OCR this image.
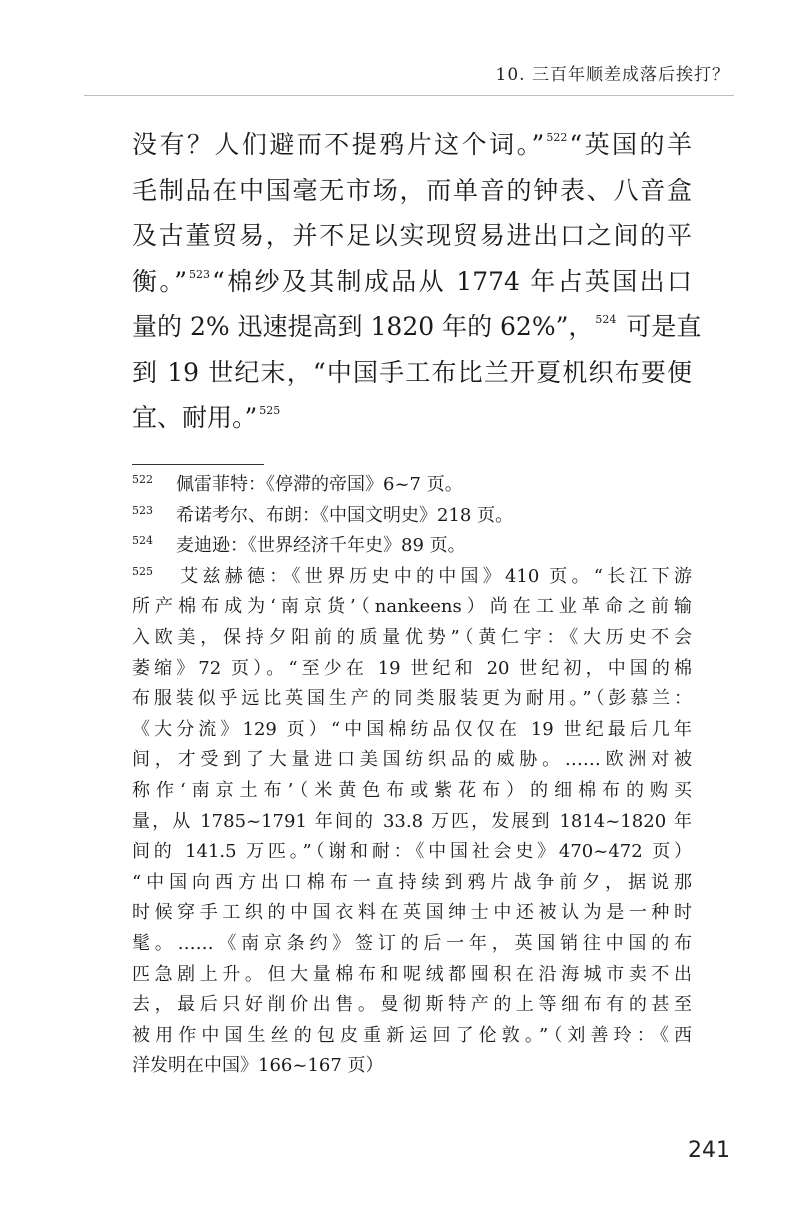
10. 三百年顺差成落后挨打？
没有？人们避而不提鸦片这个词。” $^{522}$“英国的羊
毛制品在中国毫无市场，而单音的钟表、八音盒
及古董贸易，并不足以实现贸易进出口之间的平
衡。” $^{523}$“棉纱及其制成品从 1774 年占英国出口
量的 2% 迅速提高到 1820 年的 62%”， $^{524}$ 可是直
到 19 世纪末，“中国手工布比兰开夏机织布要便
宜、耐用。” $^{525}$
522 佩雷菲特：《停滞的帝国》6~7 页。
523 希诺考尔、布朗：《中国文明史》218 页。
524 麦迪逊：《世界经济千年史》89 页。
525 艾兹赫德：《世界历史中的中国》410 页。“长江下游
所产棉布成为‘南京货’（nankeens）尚在工业革命之前输
入欧美，保持夕阳前的质量优势”（黄仁宇：《大历史不会
萎缩》72 页）。“至少在 19 世纪和 20 世纪初，中国的棉
布服装似乎远比英国生产的同类服装更为耐用。”（彭慕兰：
《大分流》129 页）“中国棉纺品仅仅在 19 世纪最后几年
间，才受到了大量进口美国纺织品的威胁。……欧洲对被
称作‘南京土布’（米黄色布或紫花布）的细棉布的购买
量，从 1785~1791 年间的 33.8 万匹，发展到 1814~1820 年
间的 141.5 万匹。”（谢和耐：《中国社会史》470~472 页）
“中国向西方出口棉布一直持续到鸦片战争前夕，据说那
时候穿手工织的中国衣料在英国绅士中还被认为是一种时
髦。……《南京条约》签订的后一年，英国销往中国的布
匹急剧上升。但大量棉布和呢绒都囤积在沿海城市卖不出
去，最后只好削价出售。曼彻斯特产的上等细布有的甚至
被用作中国生丝的包皮重新运回了伦敦。”（刘善玲：《西
洋发明在中国》166~167 页）
241
